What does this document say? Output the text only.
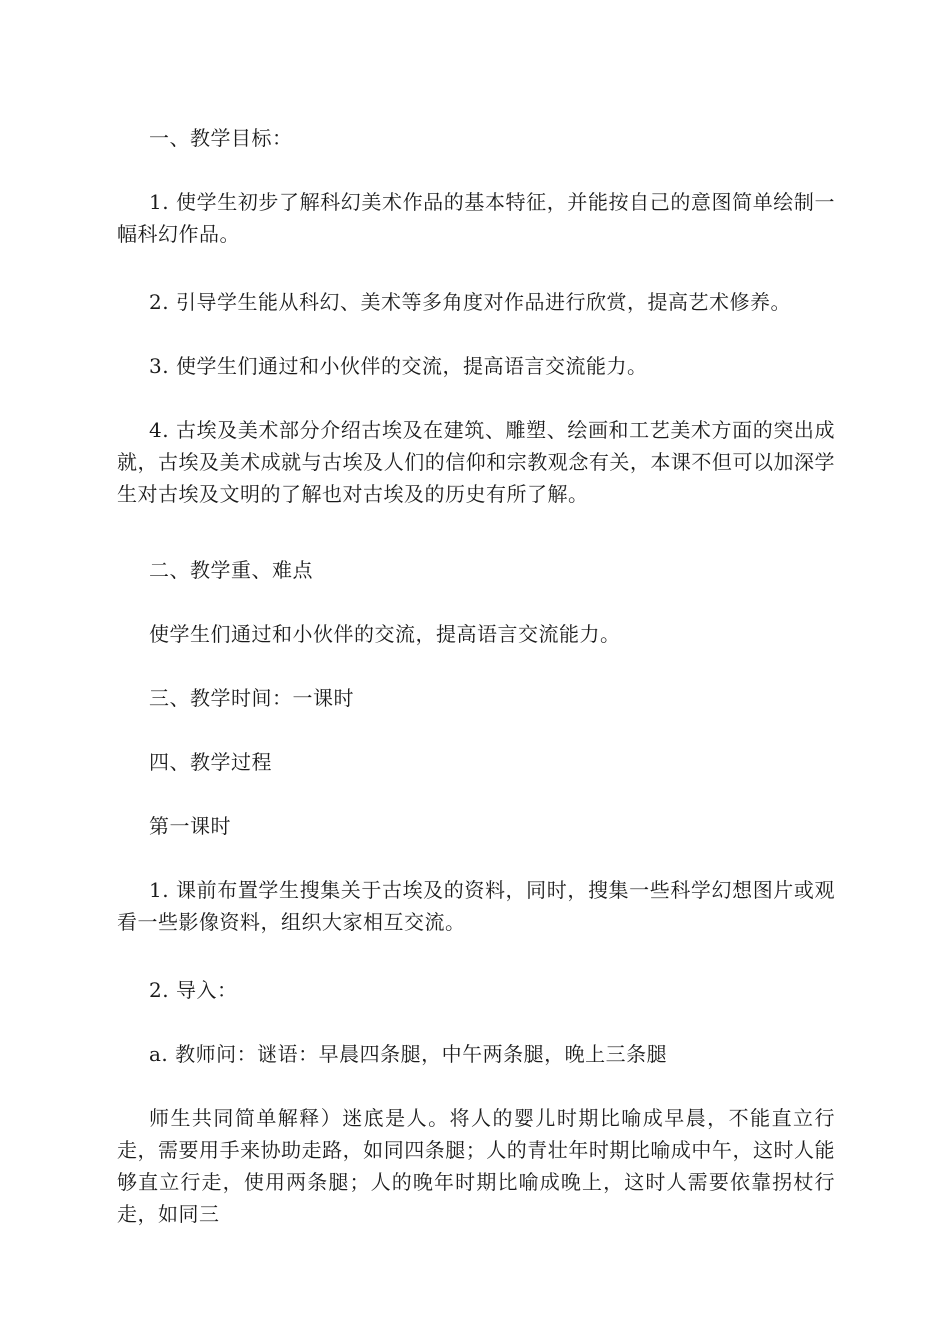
一、教学目标：

1. 使学生初步了解科幻美术作品的基本特征，并能按自己的意图简单绘制一幅科幻作品。

2. 引导学生能从科幻、美术等多角度对作品进行欣赏，提高艺术修养。

3. 使学生们通过和小伙伴的交流，提高语言交流能力。

4. 古埃及美术部分介绍古埃及在建筑、雕塑、绘画和工艺美术方面的突出成就，古埃及美术成就与古埃及人们的信仰和宗教观念有关，本课不但可以加深学生对古埃及文明的了解也对古埃及的历史有所了解。

二、教学重、难点

使学生们通过和小伙伴的交流，提高语言交流能力。

三、教学时间：一课时

四、教学过程

第一课时

1. 课前布置学生搜集关于古埃及的资料，同时，搜集一些科学幻想图片或观看一些影像资料，组织大家相互交流。

2. 导入：

a. 教师问：谜语：早晨四条腿，中午两条腿，晚上三条腿

师生共同简单解释）迷底是人。将人的婴儿时期比喻成早晨，不能直立行走，需要用手来协助走路，如同四条腿；人的青壮年时期比喻成中午，这时人能够直立行走，使用两条腿；人的晚年时期比喻成晚上，这时人需要依靠拐杖行走，如同三
